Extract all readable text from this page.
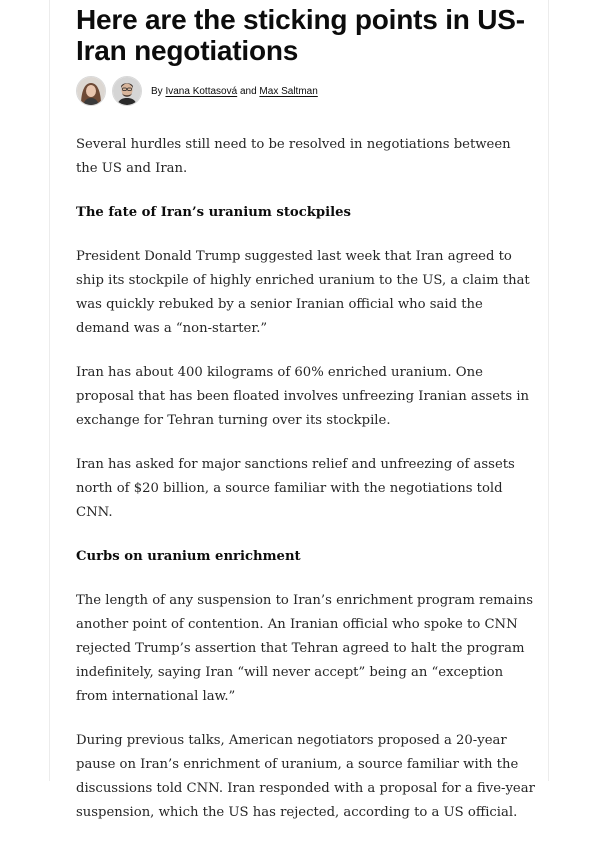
Here are the sticking points in US-Iran negotiations
By Ivana Kottasová and Max Saltman

Several hurdles still need to be resolved in negotiations between the US and Iran.

The fate of Iran’s uranium stockpiles

President Donald Trump suggested last week that Iran agreed to ship its stockpile of highly enriched uranium to the US, a claim that was quickly rebuked by a senior Iranian official who said the demand was a “non-starter.”

Iran has about 400 kilograms of 60% enriched uranium. One proposal that has been floated involves unfreezing Iranian assets in exchange for Tehran turning over its stockpile.

Iran has asked for major sanctions relief and unfreezing of assets north of $20 billion, a source familiar with the negotiations told CNN.

Curbs on uranium enrichment

The length of any suspension to Iran’s enrichment program remains another point of contention. An Iranian official who spoke to CNN rejected Trump’s assertion that Tehran agreed to halt the program indefinitely, saying Iran “will never accept” being an “exception from international law.”

During previous talks, American negotiators proposed a 20-year pause on Iran’s enrichment of uranium, a source familiar with the discussions told CNN. Iran responded with a proposal for a five-year suspension, which the US has rejected, according to a US official.
